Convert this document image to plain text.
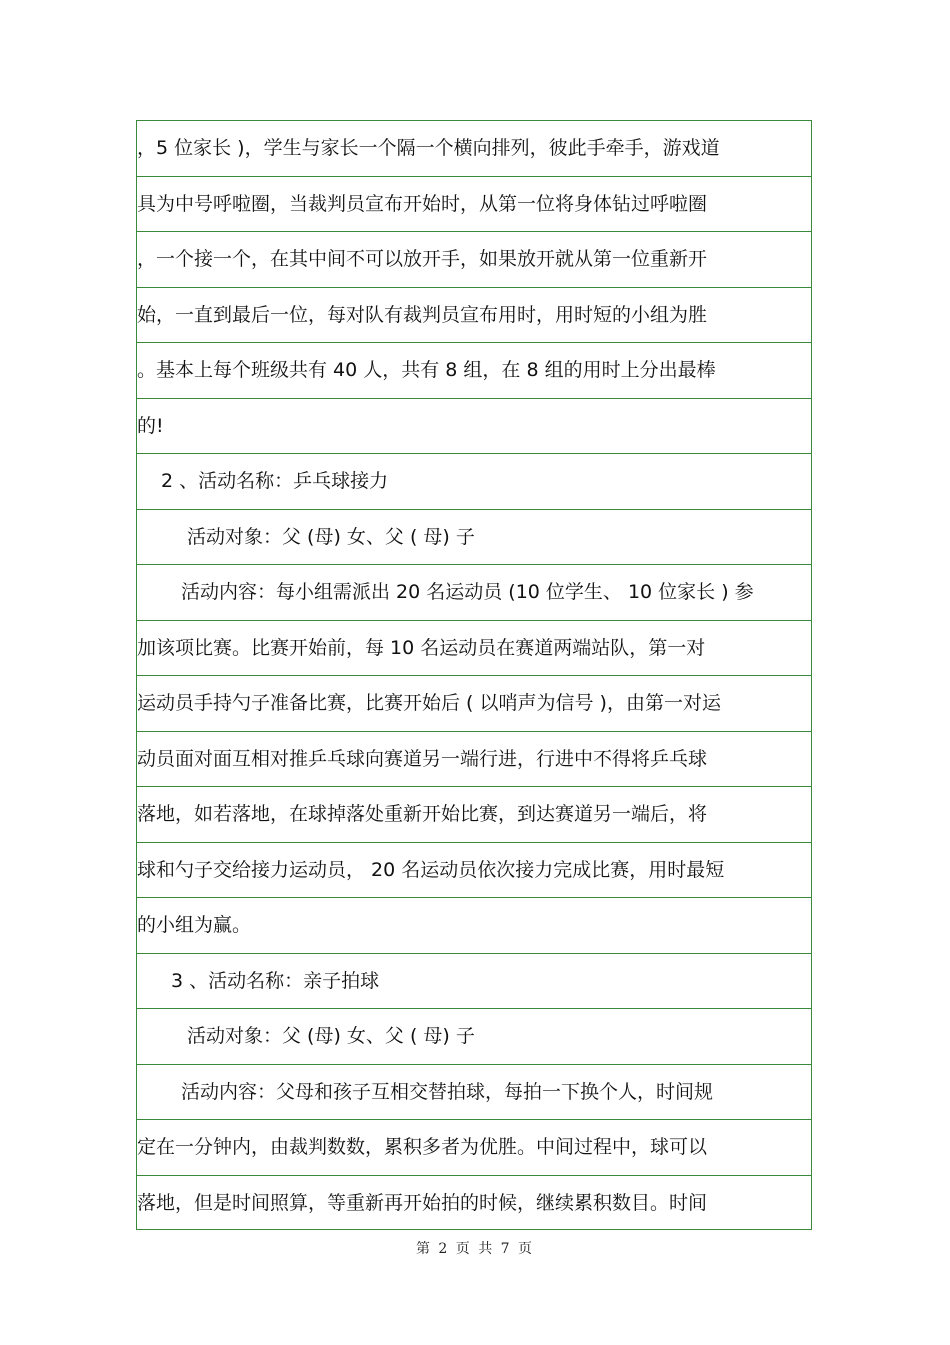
，5 位家长 )，学生与家长一个隔一个横向排列，彼此手牵手，游戏道
具为中号呼啦圈，当裁判员宣布开始时，从第一位将身体钻过呼啦圈
，一个接一个，在其中间不可以放开手，如果放开就从第一位重新开
始，一直到最后一位，每对队有裁判员宣布用时，用时短的小组为胜
。基本上每个班级共有 40 人，共有 8 组，在 8 组的用时上分出最棒
的!
2 、活动名称：乒乓球接力
活动对象：父 (母) 女、父 ( 母) 子
活动内容：每小组需派出 20 名运动员 (10 位学生、 10 位家长 ) 参
加该项比赛。比赛开始前，每 10 名运动员在赛道两端站队，第一对
运动员手持勺子准备比赛，比赛开始后 ( 以哨声为信号 )，由第一对运
动员面对面互相对推乒乓球向赛道另一端行进，行进中不得将乒乓球
落地，如若落地，在球掉落处重新开始比赛，到达赛道另一端后，将
球和勺子交给接力运动员， 20 名运动员依次接力完成比赛，用时最短
的小组为赢。
3 、活动名称：亲子拍球
活动对象：父 (母) 女、父 ( 母) 子
活动内容：父母和孩子互相交替拍球，每拍一下换个人，时间规
定在一分钟内，由裁判数数，累积多者为优胜。中间过程中，球可以
落地，但是时间照算，等重新再开始拍的时候，继续累积数目。时间
第 2 页 共 7 页
